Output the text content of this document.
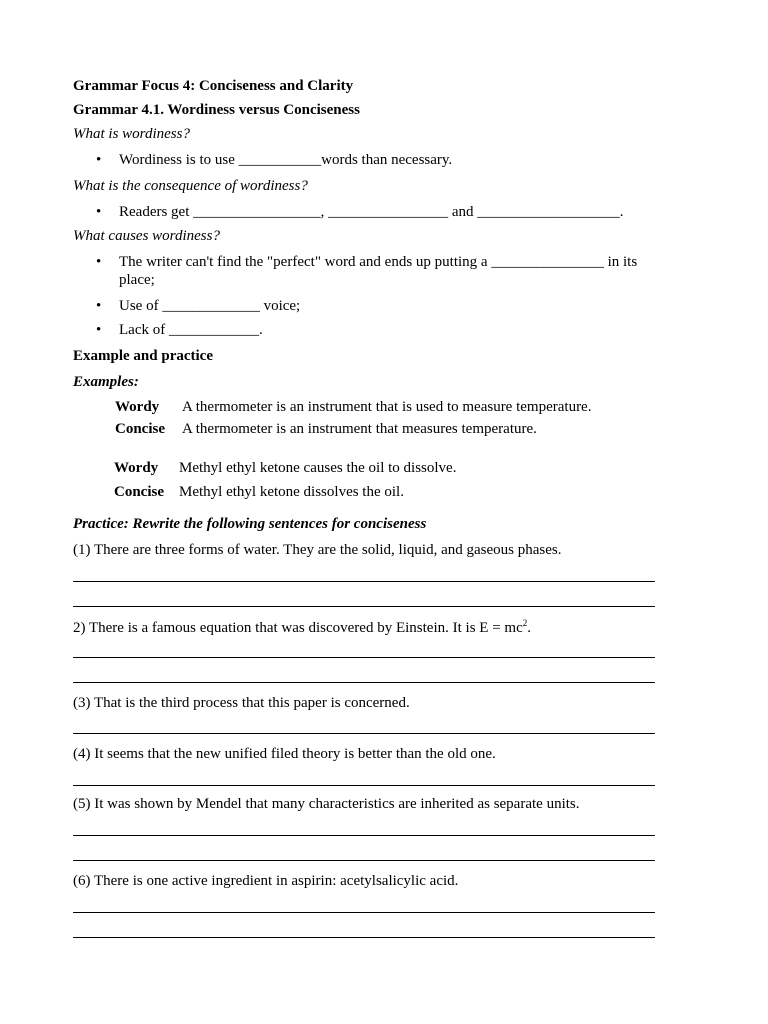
Grammar Focus 4: Conciseness and Clarity
Grammar 4.1. Wordiness versus Conciseness
What is wordiness?
• Wordiness is to use ___________words than necessary.
What is the consequence of wordiness?
• Readers get _________________, ________________ and ___________________.
What causes wordiness?
• The writer can't find the "perfect" word and ends up putting a _______________ in its place;
• Use of _____________ voice;
• Lack of ____________.
Example and practice
Examples:
Wordy A thermometer is an instrument that is used to measure temperature.
Concise A thermometer is an instrument that measures temperature.
Wordy Methyl ethyl ketone causes the oil to dissolve.
Concise Methyl ethyl ketone dissolves the oil.
Practice: Rewrite the following sentences for conciseness
(1) There are three forms of water. They are the solid, liquid, and gaseous phases.
2) There is a famous equation that was discovered by Einstein. It is $E = mc^2$.
(3) That is the third process that this paper is concerned.
(4) It seems that the new unified filed theory is better than the old one.
(5) It was shown by Mendel that many characteristics are inherited as separate units.
(6) There is one active ingredient in aspirin: acetylsalicylic acid.
